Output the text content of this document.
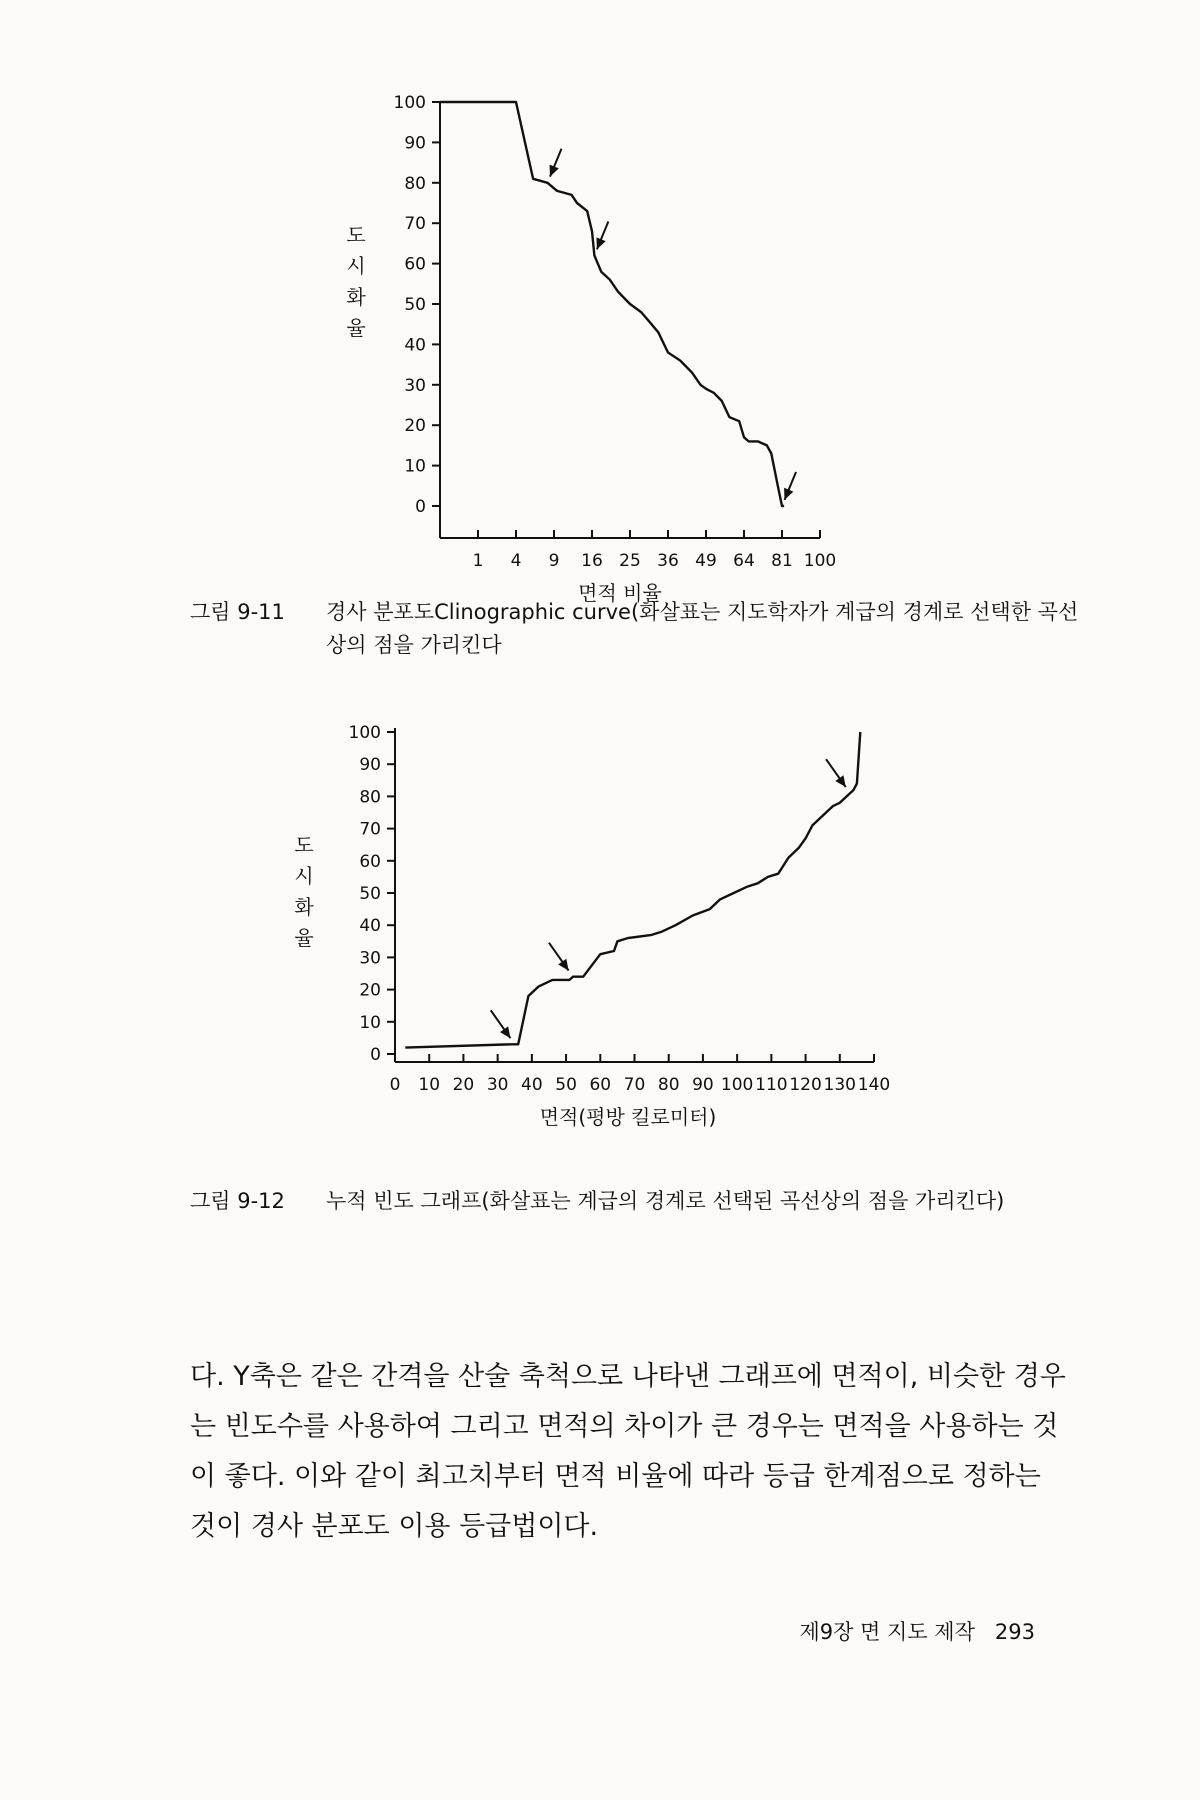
100
90
80
70
60
50
40
30
20
10
0
1 4 9 16 25 36 49 64 81 100
면적 비율
도시화율
그림 9-11 경사 분포도Clinographic curve(화살표는 지도학자가 계급의 경계로 선택한 곡선상의 점을 가리킨다
100
90
80
70
60
50
40
30
20
10
0
0 10 20 30 40 50 60 70 80 90 100 110 120 130 140
면적(평방 킬로미터)
도시화율
그림 9-12 누적 빈도 그래프(화살표는 계급의 경계로 선택된 곡선상의 점을 가리킨다)
다. Y축은 같은 간격을 산술 축척으로 나타낸 그래프에 면적이, 비슷한 경우는 빈도수를 사용하여 그리고 면적의 차이가 큰 경우는 면적을 사용하는 것이 좋다. 이와 같이 최고치부터 면적 비율에 따라 등급 한계점으로 정하는 것이 경사 분포도 이용 등급법이다.
제9장 면 지도 제작 293
